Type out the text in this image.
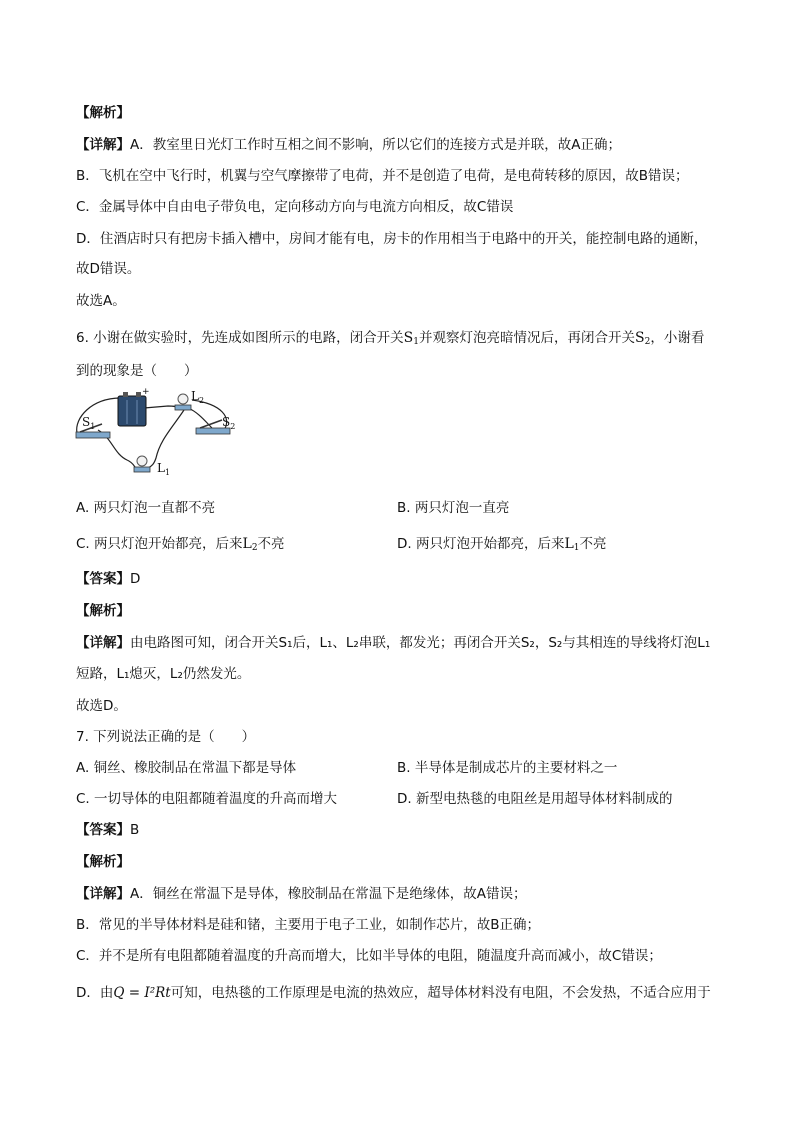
【解析】
【详解】A．教室里日光灯工作时互相之间不影响，所以它们的连接方式是并联，故A正确；
B．飞机在空中飞行时，机翼与空气摩擦带了电荷，并不是创造了电荷，是电荷转移的原因，故B错误；
C．金属导体中自由电子带负电，定向移动方向与电流方向相反，故C错误
D．住酒店时只有把房卡插入槽中，房间才能有电，房卡的作用相当于电路中的开关，能控制电路的通断，
故D错误。
故选A。
6. 小谢在做实验时，先连成如图所示的电路，闭合开关$S_1$并观察灯泡亮暗情况后，再闭合开关$S_2$，小谢看
到的现象是（　　）
+	$L_2$
$S_1$	$S_2$
$L_1$
A. 两只灯泡一直都不亮	B. 两只灯泡一直亮
C. 两只灯泡开始都亮，后来$L_2$不亮	D. 两只灯泡开始都亮，后来$L_1$不亮
【答案】D
【解析】
【详解】由电路图可知，闭合开关S₁后，L₁、L₂串联，都发光；再闭合开关S₂，S₂与其相连的导线将灯泡L₁
短路，L₁熄灭，L₂仍然发光。
故选D。
7. 下列说法正确的是（　　）
A. 铜丝、橡胶制品在常温下都是导体	B. 半导体是制成芯片的主要材料之一
C. 一切导体的电阻都随着温度的升高而增大	D. 新型电热毯的电阻丝是用超导体材料制成的
【答案】B
【解析】
【详解】A．铜丝在常温下是导体，橡胶制品在常温下是绝缘体，故A错误；
B．常见的半导体材料是硅和锗，主要用于电子工业，如制作芯片，故B正确；
C．并不是所有电阻都随着温度的升高而增大，比如半导体的电阻，随温度升高而减小，故C错误；
D．由Q = I²Rt可知，电热毯的工作原理是电流的热效应，超导体材料没有电阻，不会发热，不适合应用于
